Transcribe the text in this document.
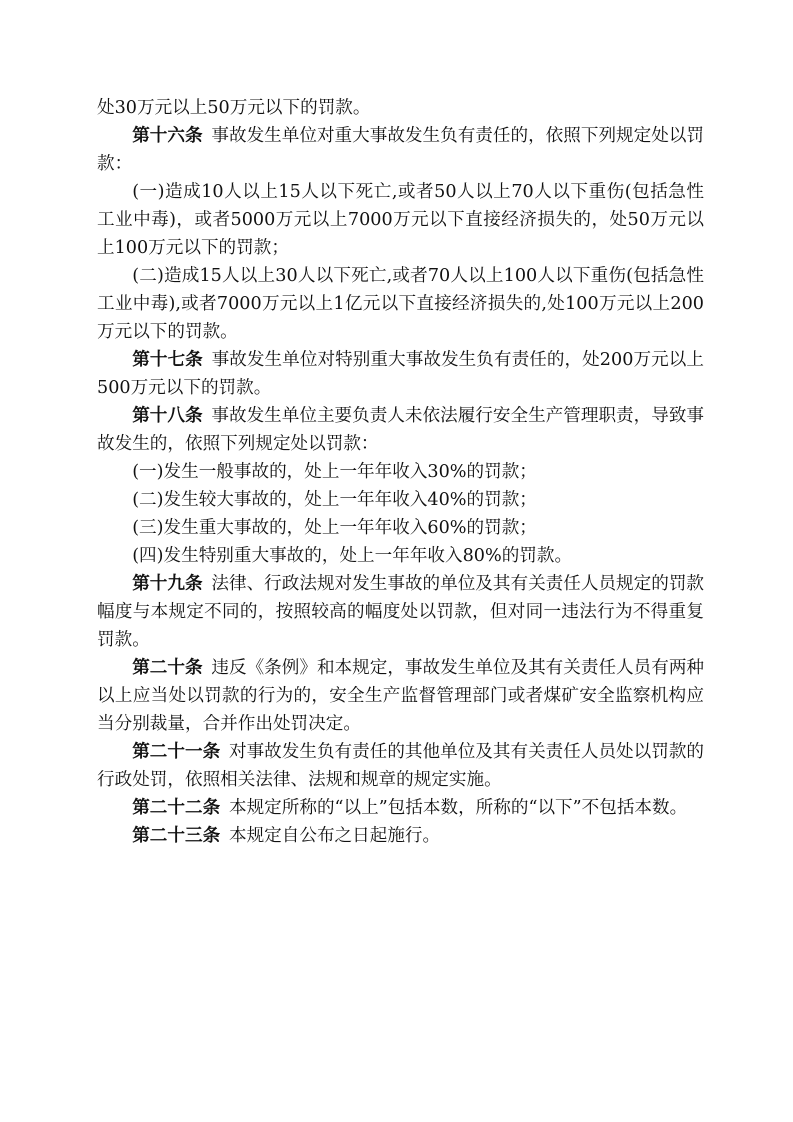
处30万元以上50万元以下的罚款。

第十六条 事故发生单位对重大事故发生负有责任的，依照下列规定处以罚款：

(一)造成10人以上15人以下死亡,或者50人以上70人以下重伤(包括急性工业中毒)，或者5000万元以上7000万元以下直接经济损失的，处50万元以上100万元以下的罚款；

(二)造成15人以上30人以下死亡,或者70人以上100人以下重伤(包括急性工业中毒),或者7000万元以上1亿元以下直接经济损失的,处100万元以上200万元以下的罚款。

第十七条 事故发生单位对特别重大事故发生负有责任的，处200万元以上500万元以下的罚款。

第十八条 事故发生单位主要负责人未依法履行安全生产管理职责，导致事故发生的，依照下列规定处以罚款：

(一)发生一般事故的，处上一年年收入30%的罚款；

(二)发生较大事故的，处上一年年收入40%的罚款；

(三)发生重大事故的，处上一年年收入60%的罚款；

(四)发生特别重大事故的，处上一年年收入80%的罚款。

第十九条 法律、行政法规对发生事故的单位及其有关责任人员规定的罚款幅度与本规定不同的，按照较高的幅度处以罚款，但对同一违法行为不得重复罚款。

第二十条 违反《条例》和本规定，事故发生单位及其有关责任人员有两种以上应当处以罚款的行为的，安全生产监督管理部门或者煤矿安全监察机构应当分别裁量，合并作出处罚决定。

第二十一条 对事故发生负有责任的其他单位及其有关责任人员处以罚款的行政处罚，依照相关法律、法规和规章的规定实施。

第二十二条 本规定所称的“以上”包括本数，所称的“以下”不包括本数。

第二十三条 本规定自公布之日起施行。
